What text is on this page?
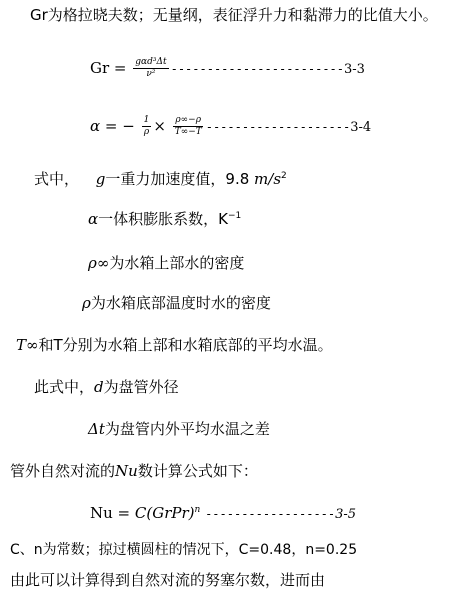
Gr为格拉晓夫数；无量纲，表征浮升力和黏滞力的比值大小。
$Gr = \frac{\text{gαd³Δt}}{\text{ν²}} ------------------------3-3$
α = − $\frac{1}{\rho} \times \frac{\rho\infty-\rho}{T\infty-T} --------------------3-4$
式中， g一重力加速度值，9.8 $m/s^2$
α一体积膨胀系数，$K^{-1}$
ρ∞为水箱上部水的密度
ρ为水箱底部温度时水的密度
T∞和T分别为水箱上部和水箱底部的平均水温。
此式中，d为盘管外径
Δt为盘管内外平均水温之差
管外自然对流的Nu数计算公式如下：
Nu = C(GrPr)$^n$ ------------------3-5
C、n为常数；掠过横圆柱的情况下，C=0.48，n=0.25
由此可以计算得到自然对流的努塞尔数，进而由
